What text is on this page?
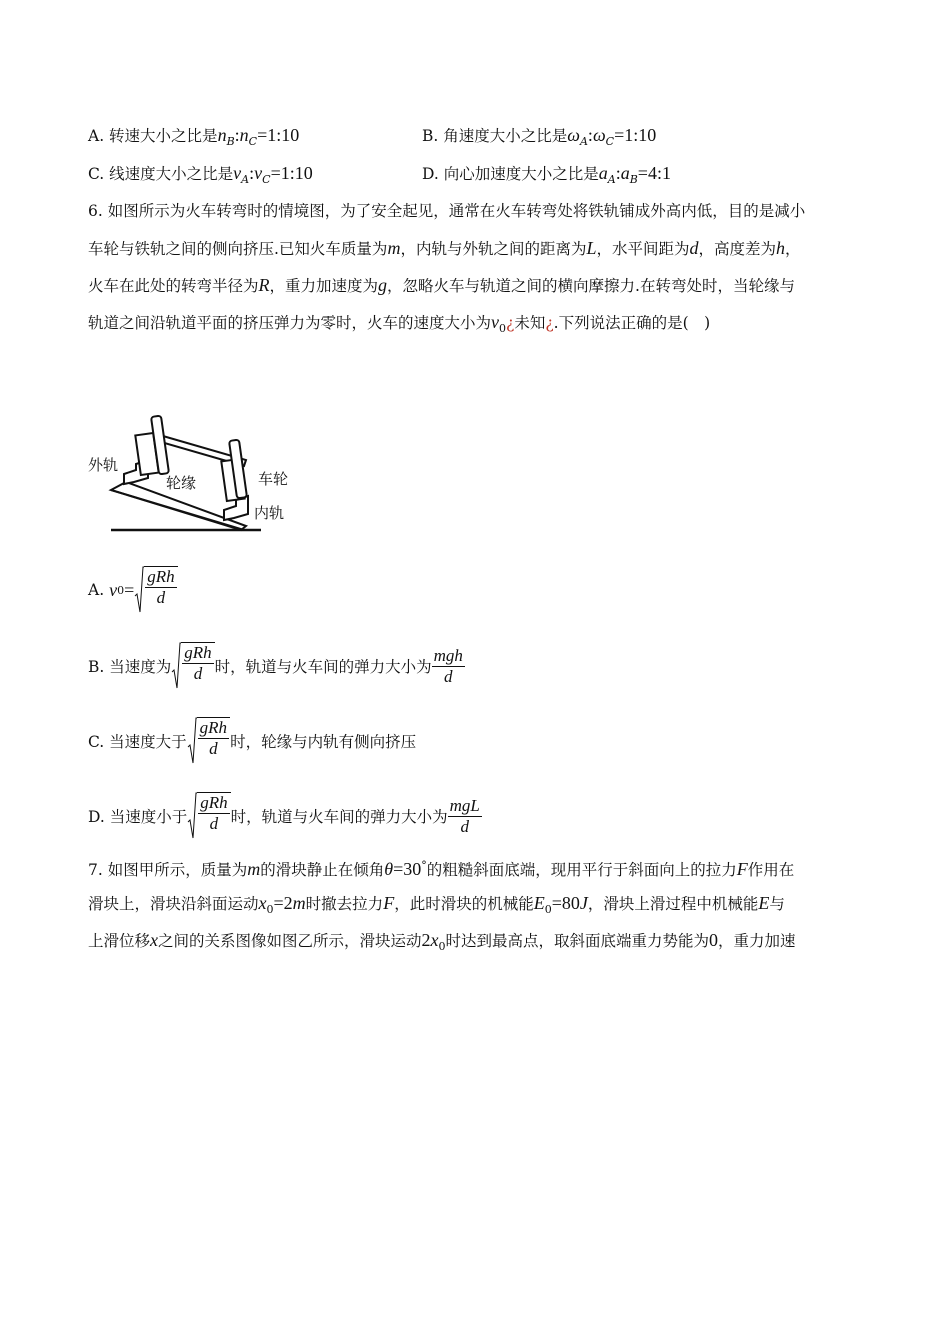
A. 转速大小之比是$n_B:n_C=1:10$	B. 角速度大小之比是$\omega_A:\omega_C=1:10$
C. 线速度大小之比是$v_A:v_C=1:10$	D. 向心加速度大小之比是$a_A:a_B=4:1$
6. 如图所示为火车转弯时的情境图，为了安全起见，通常在火车转弯处将铁轨铺成外高内低，目的是减小
车轮与铁轨之间的侧向挤压.已知火车质量为m，内轨与外轨之间的距离为L，水平间距为d，高度差为h，
火车在此处的转弯半径为R，重力加速度为g，忽略火车与轨道之间的横向摩擦力.在转弯处时，当轮缘与
轨道之间沿轨道平面的挤压弹力为零时，火车的速度大小为$v_0¿$未知¿.下列说法正确的是(　)
外轨
轮缘	车轮
内轨
A.
v $0 = \frac{\text{gRh}}{d}$
B. 当速度为 $\frac{\text{gRh}}{d}$ 时，轨道与火车间的弹力大小为 $\frac{\text{mgh}}{d}$
C. 当速度大于 $\frac{\text{gRh}}{d}$ 时，轮缘与内轨有侧向挤压
D. 当速度小于 $\frac{\text{gRh}}{d}$ 时，轨道与火车间的弹力大小为 $\frac{\text{mgL}}{d}$
7. 如图甲所示，质量为m的滑块静止在倾角θ=30°的粗糙斜面底端，现用平行于斜面向上的拉力F作用在
滑块上，滑块沿斜面运动$x_0=2m$时撤去拉力F，此时滑块的机械能$E_0=80J$，滑块上滑过程中机械能E与
上滑位移x之间的关系图像如图乙所示，滑块运动$2x_0$时达到最高点，取斜面底端重力势能为0，重力加速
